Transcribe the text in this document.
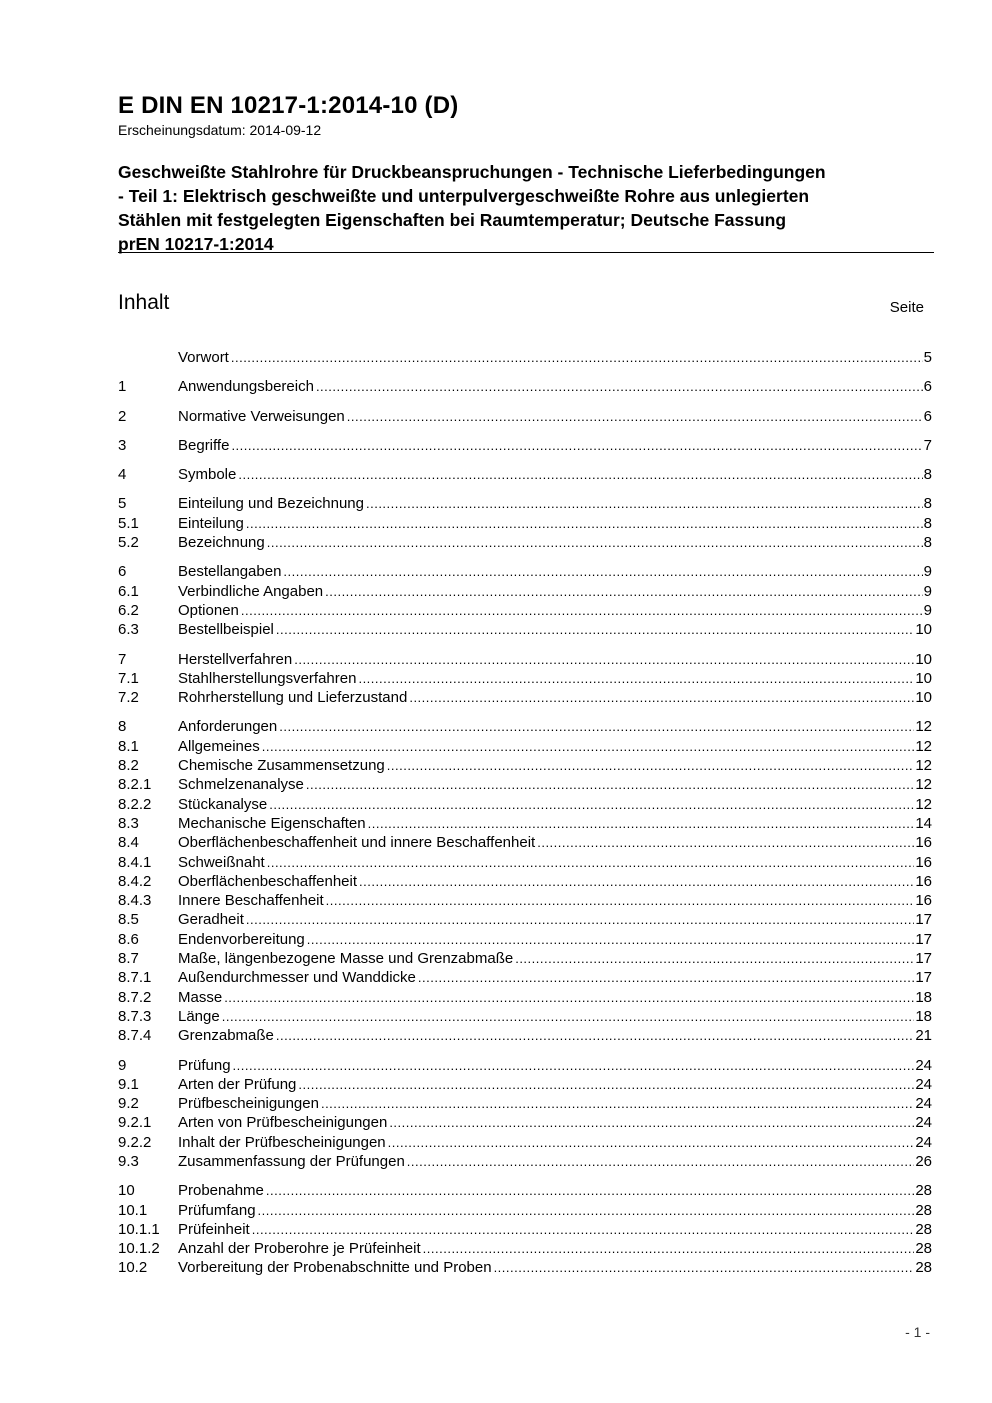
E DIN EN 10217-1:2014-10 (D)
Erscheinungsdatum: 2014-09-12
Geschweißte Stahlrohre für Druckbeanspruchungen - Technische Lieferbedingungen
- Teil 1: Elektrisch geschweißte und unterpulvergeschweißte Rohre aus unlegierten
Stählen mit festgelegten Eigenschaften bei Raumtemperatur; Deutsche Fassung
prEN 10217-1:2014
Inhalt	Seite
Vorwort .....	5
1	Anwendungsbereich .....	6
2	Normative Verweisungen .....	6
3	Begriffe .....	7
4	Symbole .....	8
5	Einteilung und Bezeichnung .....	8
5.1	Einteilung .....	8
5.2	Bezeichnung .....	8
6	Bestellangaben .....	9
6.1	Verbindliche Angaben .....	9
6.2	Optionen .....	9
6.3	Bestellbeispiel .....	10
7	Herstellverfahren .....	10
7.1	Stahlherstellungsverfahren .....	10
7.2	Rohrherstellung und Lieferzustand .....	10
8	Anforderungen .....	12
8.1	Allgemeines .....	12
8.2	Chemische Zusammensetzung .....	12
8.2.1	Schmelzenanalyse .....	12
8.2.2	Stückanalyse .....	12
8.3	Mechanische Eigenschaften .....	14
8.4	Oberflächenbeschaffenheit und innere Beschaffenheit .....	16
8.4.1	Schweißnaht .....	16
8.4.2	Oberflächenbeschaffenheit .....	16
8.4.3	Innere Beschaffenheit .....	16
8.5	Geradheit .....	17
8.6	Endenvorbereitung .....	17
8.7	Maße, längenbezogene Masse und Grenzabmaße .....	17
8.7.1	Außendurchmesser und Wanddicke .....	17
8.7.2	Masse .....	18
8.7.3	Länge .....	18
8.7.4	Grenzabmaße .....	21
9	Prüfung .....	24
9.1	Arten der Prüfung .....	24
9.2	Prüfbescheinigungen .....	24
9.2.1	Arten von Prüfbescheinigungen .....	24
9.2.2	Inhalt der Prüfbescheinigungen .....	24
9.3	Zusammenfassung der Prüfungen .....	26
10	Probenahme .....	28
10.1	Prüfumfang .....	28
10.1.1	Prüfeinheit .....	28
10.1.2	Anzahl der Proberohre je Prüfeinheit .....	28
10.2	Vorbereitung der Probenabschnitte und Proben .....	28
- 1 -
